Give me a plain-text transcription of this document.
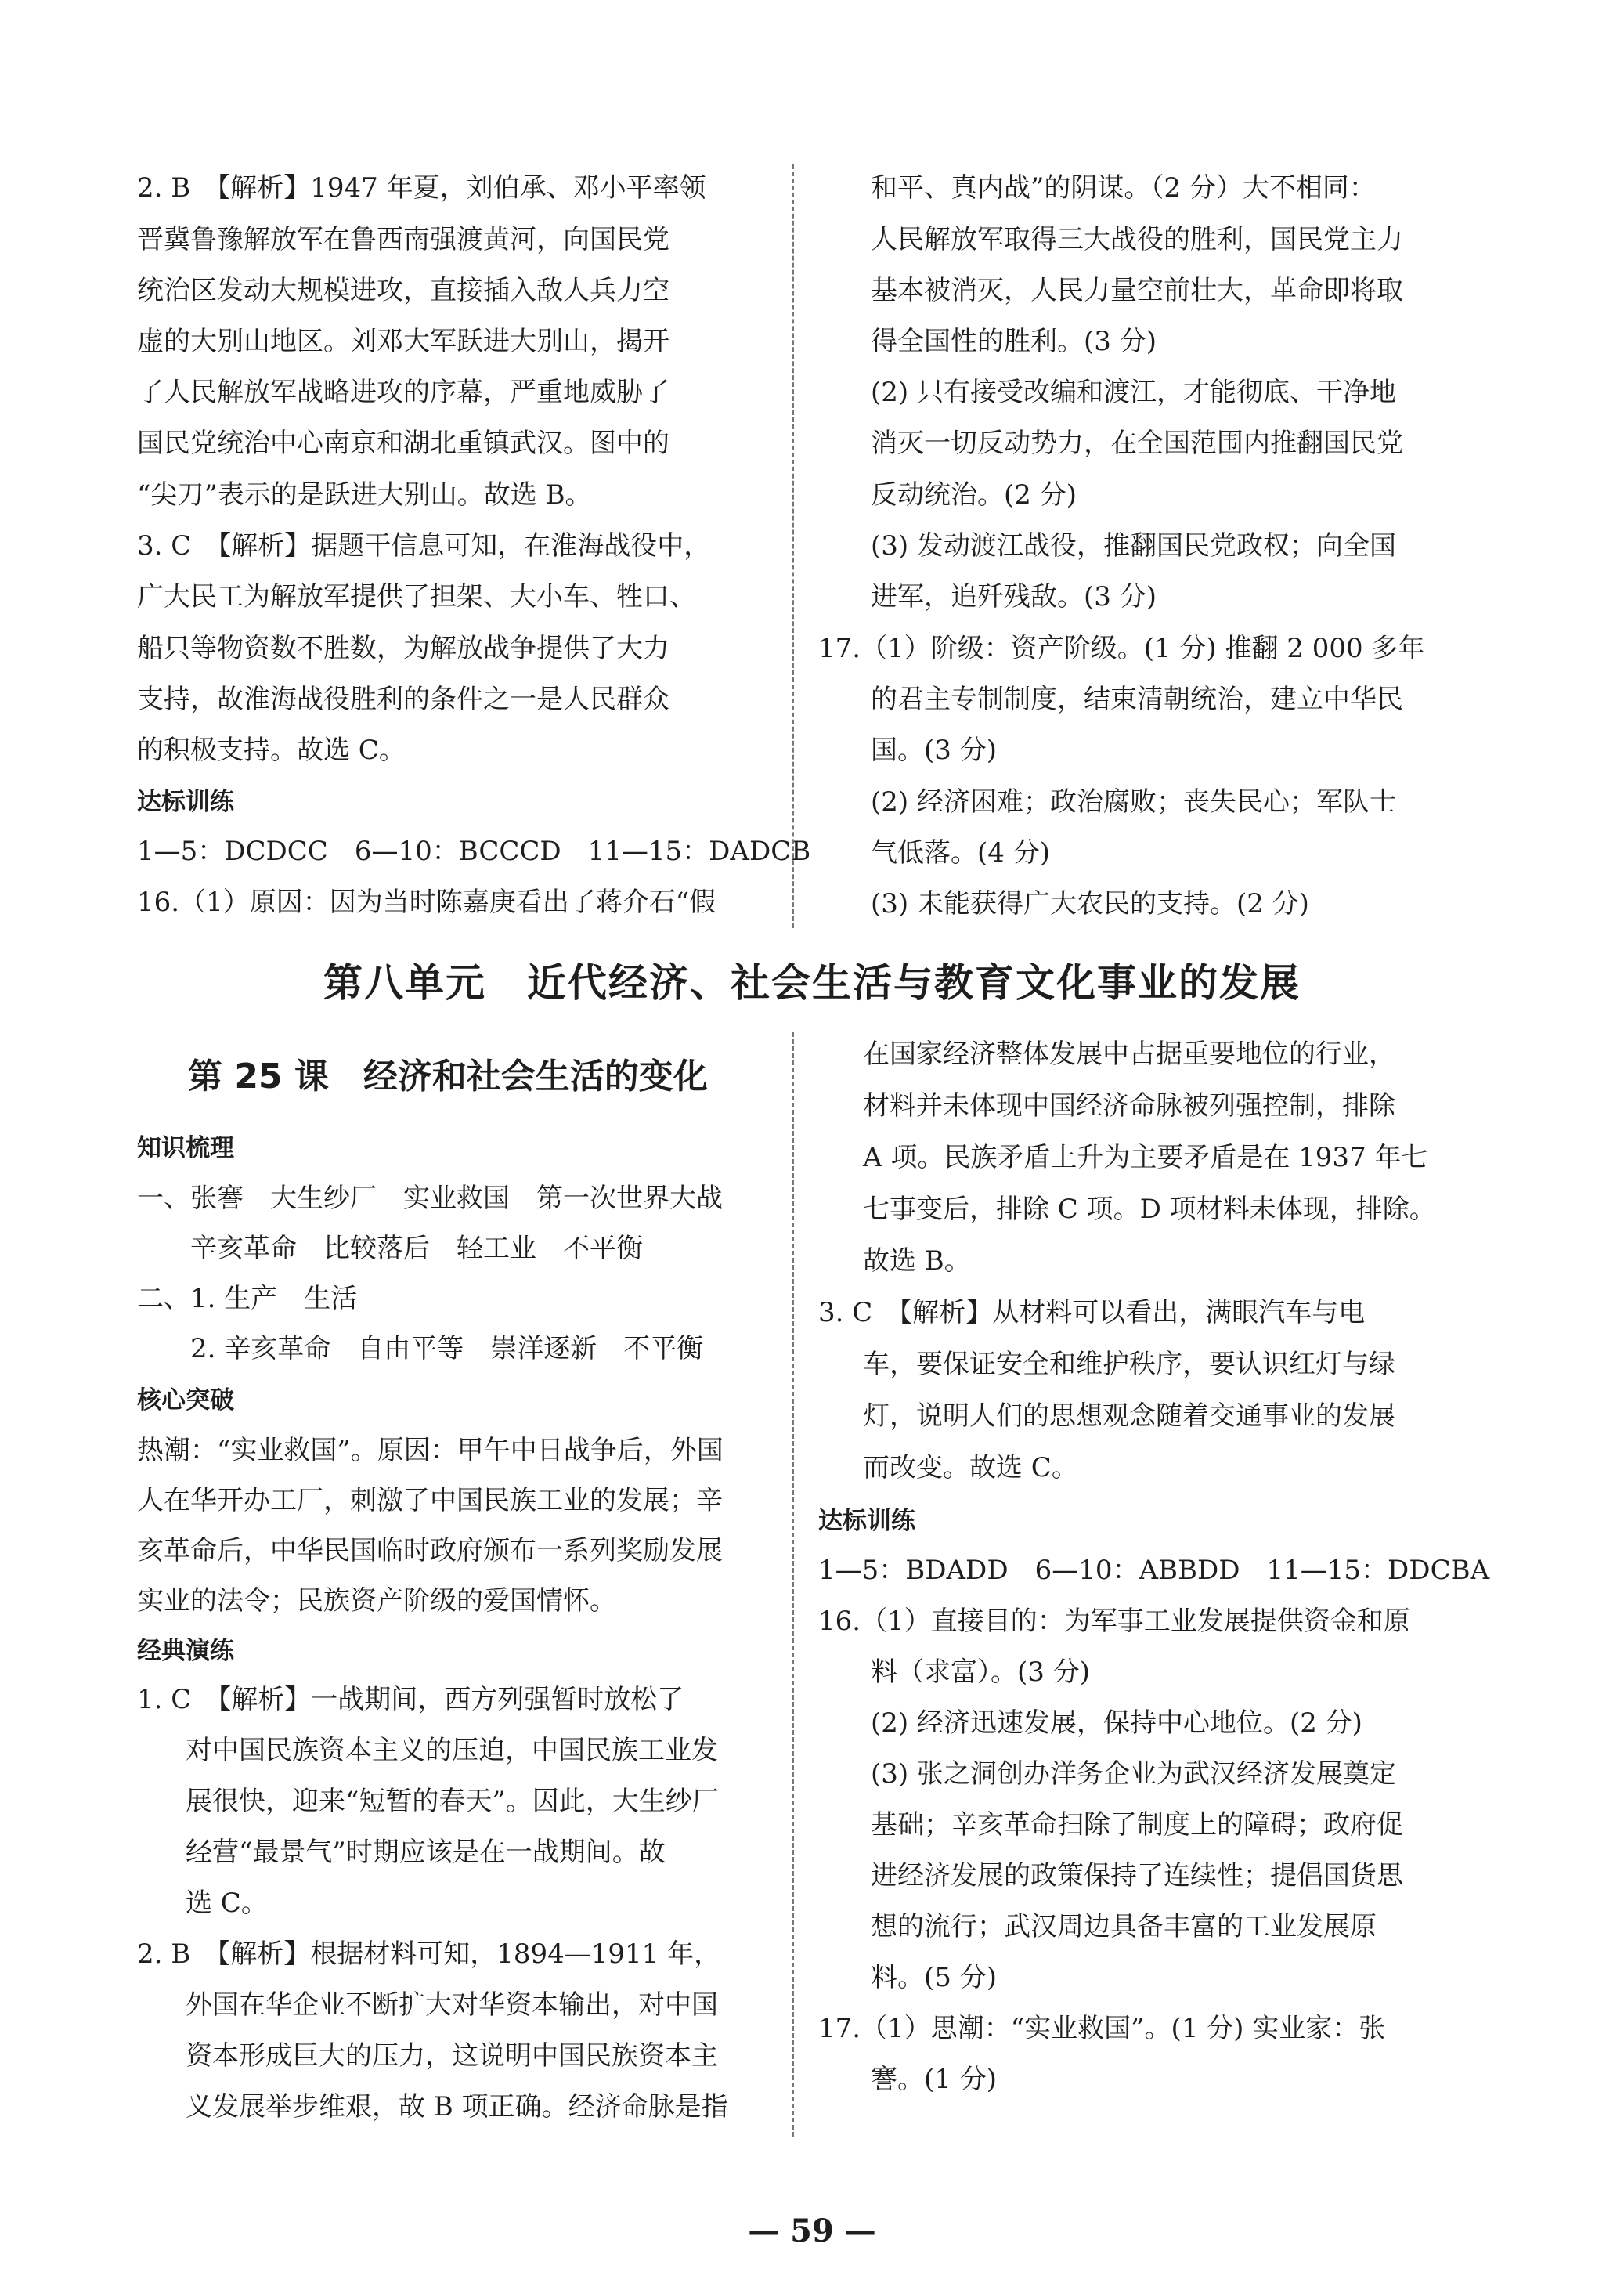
2. B　【解析】1947 年夏，刘伯承、邓小平率领
晋冀鲁豫解放军在鲁西南强渡黄河，向国民党
统治区发动大规模进攻，直接插入敌人兵力空
虚的大别山地区。刘邓大军跃进大别山，揭开
了人民解放军战略进攻的序幕，严重地威胁了
国民党统治中心南京和湖北重镇武汉。图中的
“尖刀”表示的是跃进大别山。故选 B。
3. C　【解析】据题干信息可知，在淮海战役中，
广大民工为解放军提供了担架、大小车、牲口、
船只等物资数不胜数，为解放战争提供了大力
支持，故淮海战役胜利的条件之一是人民群众
的积极支持。故选 C。
达标训练
1—5：DCDCC　6—10：BCCCD　11—15：DADCB
16.（1）原因：因为当时陈嘉庚看出了蒋介石“假
和平、真内战”的阴谋。（2 分）大不相同：
人民解放军取得三大战役的胜利，国民党主力
基本被消灭，人民力量空前壮大，革命即将取
得全国性的胜利。(3 分)
(2) 只有接受改编和渡江，才能彻底、干净地
消灭一切反动势力，在全国范围内推翻国民党
反动统治。(2 分)
(3) 发动渡江战役，推翻国民党政权；向全国
进军，追歼残敌。(3 分)
17.（1）阶级：资产阶级。(1 分) 推翻 2 000 多年
的君主专制制度，结束清朝统治，建立中华民
国。(3 分)
(2) 经济困难；政治腐败；丧失民心；军队士
气低落。(4 分)
(3) 未能获得广大农民的支持。(2 分)
第八单元　近代经济、社会生活与教育文化事业的发展
第 25 课　经济和社会生活的变化
知识梳理
一、张謇　大生纱厂　实业救国　第一次世界大战
　　辛亥革命　比较落后　轻工业　不平衡
二、1. 生产　生活
　　2. 辛亥革命　自由平等　崇洋逐新　不平衡
核心突破
热潮：“实业救国”。原因：甲午中日战争后，外国
人在华开办工厂，刺激了中国民族工业的发展；辛
亥革命后，中华民国临时政府颁布一系列奖励发展
实业的法令；民族资产阶级的爱国情怀。
经典演练
1. C　【解析】一战期间，西方列强暂时放松了
对中国民族资本主义的压迫，中国民族工业发
展很快，迎来“短暂的春天”。因此，大生纱厂
经营“最景气”时期应该是在一战期间。故
选 C。
2. B　【解析】根据材料可知，1894—1911 年，
外国在华企业不断扩大对华资本输出，对中国
资本形成巨大的压力，这说明中国民族资本主
义发展举步维艰，故 B 项正确。经济命脉是指
在国家经济整体发展中占据重要地位的行业，
材料并未体现中国经济命脉被列强控制，排除
A 项。民族矛盾上升为主要矛盾是在 1937 年七
七事变后，排除 C 项。D 项材料未体现，排除。
故选 B。
3. C　【解析】从材料可以看出，满眼汽车与电
车，要保证安全和维护秩序，要认识红灯与绿
灯，说明人们的思想观念随着交通事业的发展
而改变。故选 C。
达标训练
1—5：BDADD　6—10：ABBDD　11—15：DDCBA
16.（1）直接目的：为军事工业发展提供资金和原
料（求富）。(3 分)
(2) 经济迅速发展，保持中心地位。(2 分)
(3) 张之洞创办洋务企业为武汉经济发展奠定
基础；辛亥革命扫除了制度上的障碍；政府促
进经济发展的政策保持了连续性；提倡国货思
想的流行；武汉周边具备丰富的工业发展原
料。(5 分)
17.（1）思潮：“实业救国”。(1 分) 实业家：张
謇。(1 分)
— 59 —
